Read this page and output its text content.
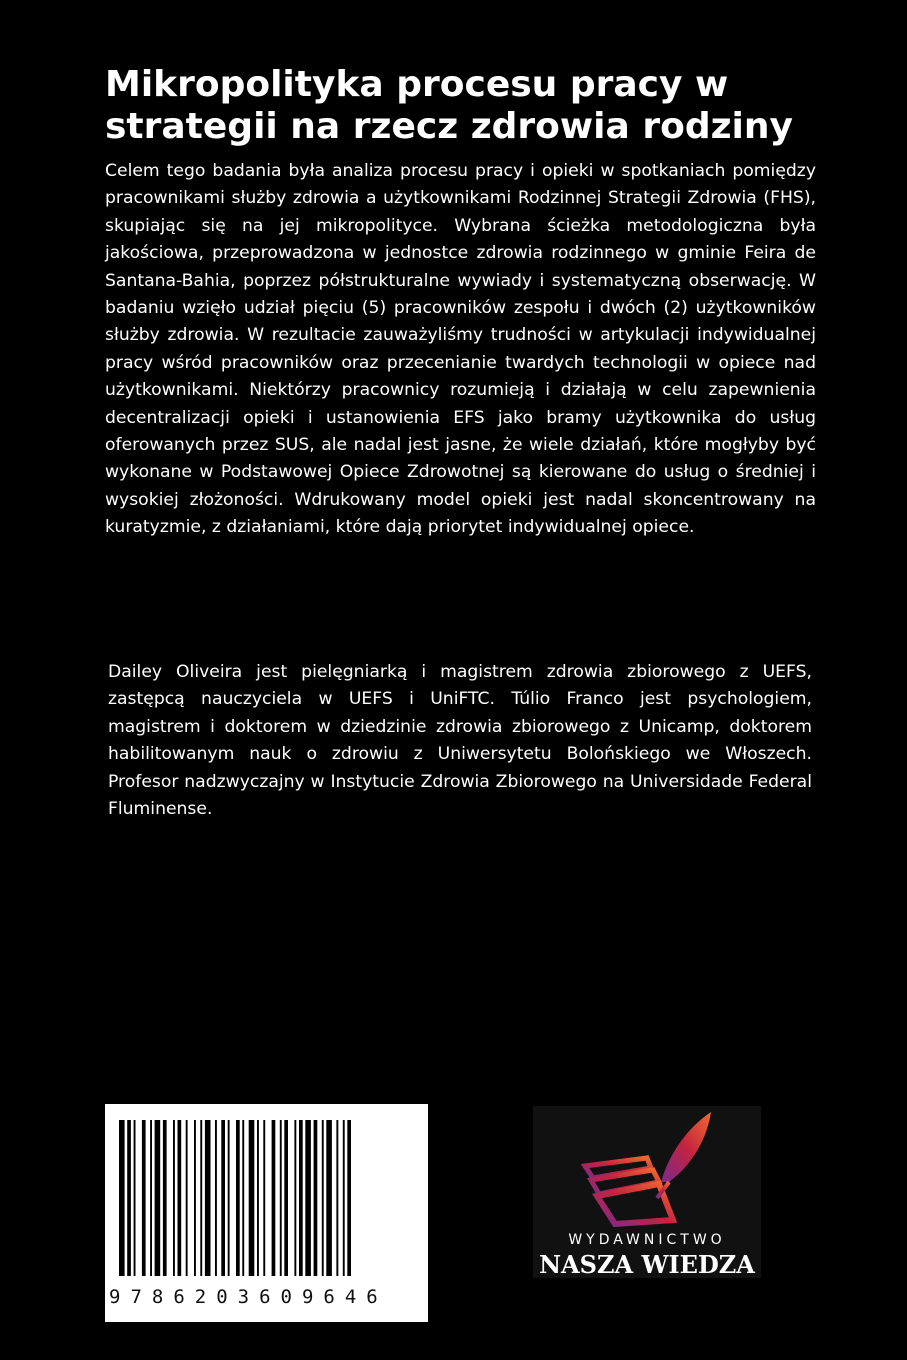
Mikropolityka procesu pracy w strategii na rzecz zdrowia rodziny

Celem tego badania była analiza procesu pracy i opieki w spotkaniach pomiędzy pracownikami służby zdrowia a użytkownikami Rodzinnej Strategii Zdrowia (FHS), skupiając się na jej mikropolityce. Wybrana ścieżka metodologiczna była jakościowa, przeprowadzona w jednostce zdrowia rodzinnego w gminie Feira de Santana-Bahia, poprzez półstrukturalne wywiady i systematyczną obserwację. W badaniu wzięło udział pięciu (5) pracowników zespołu i dwóch (2) użytkowników służby zdrowia. W rezultacie zauważyliśmy trudności w artykulacji indywidualnej pracy wśród pracowników oraz przecenianie twardych technologii w opiece nad użytkownikami. Niektórzy pracownicy rozumieją i działają w celu zapewnienia decentralizacji opieki i ustanowienia EFS jako bramy użytkownika do usług oferowanych przez SUS, ale nadal jest jasne, że wiele działań, które mogłyby być wykonane w Podstawowej Opiece Zdrowotnej są kierowane do usług o średniej i wysokiej złożoności. Wdrukowany model opieki jest nadal skoncentrowany na kuratyzmie, z działaniami, które dają priorytet indywidualnej opiece.

Dailey Oliveira jest pielęgniarką i magistrem zdrowia zbiorowego z UEFS, zastępcą nauczyciela w UEFS i UniFTC. Túlio Franco jest psychologiem, magistrem i doktorem w dziedzinie zdrowia zbiorowego z Unicamp, doktorem habilitowanym nauk o zdrowiu z Uniwersytetu Bolońskiego we Włoszech. Profesor nadzwyczajny w Instytucie Zdrowia Zbiorowego na Universidade Federal Fluminense.

9786203609646
WYDAWNICTWO
NASZA WIEDZA
